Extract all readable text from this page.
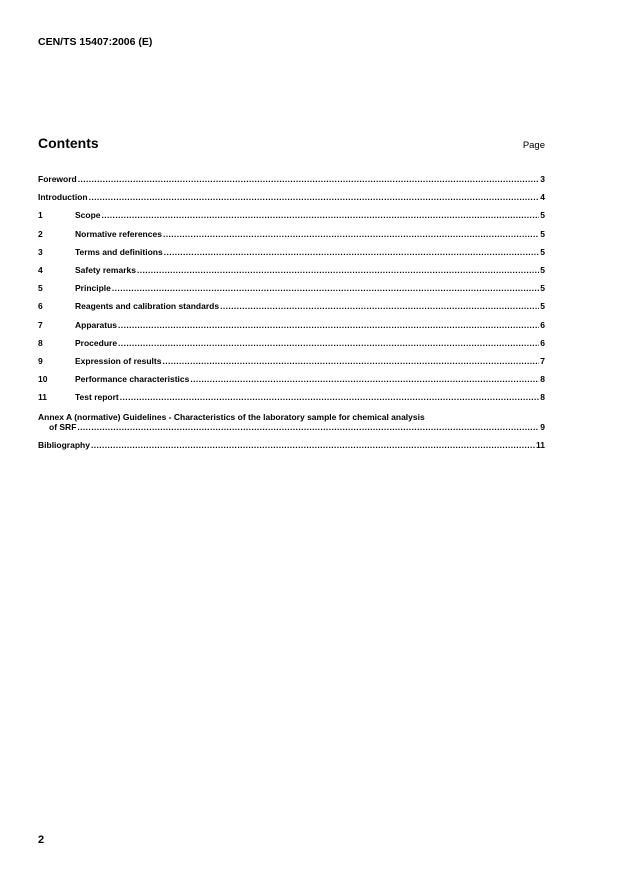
CEN/TS 15407:2006 (E)
Contents	Page
Foreword .....	3
Introduction .....	4
1	Scope .....	5
2	Normative references .....	5
3	Terms and definitions .....	5
4	Safety remarks .....	5
5	Principle .....	5
6	Reagents and calibration standards .....	5
7	Apparatus .....	6
8	Procedure .....	6
9	Expression of results .....	7
10	Performance characteristics .....	8
11	Test report .....	8
Annex A (normative) Guidelines - Characteristics of the laboratory sample for chemical analysis
of SRF .....	9
Bibliography .....	11
2
